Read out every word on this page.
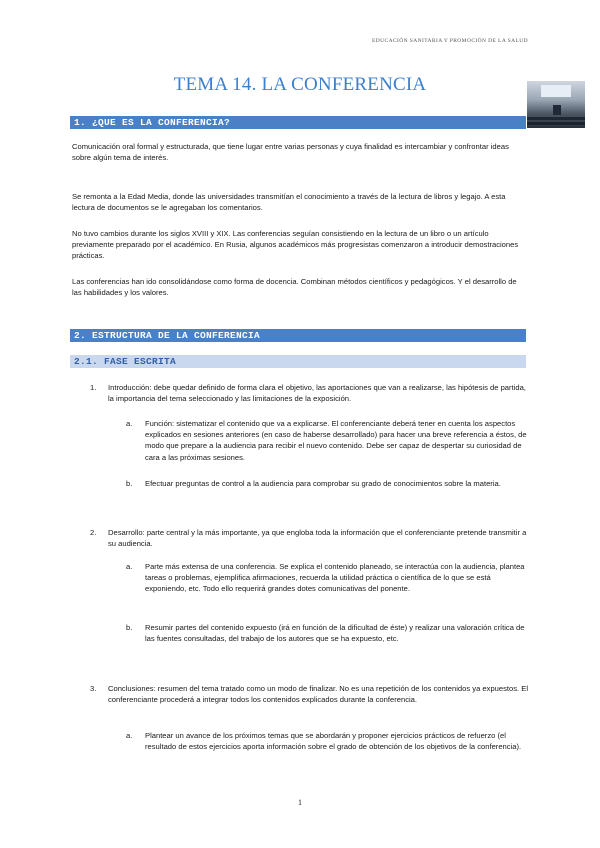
EDUCACIÓN SANITARIA Y PROMOCIÓN DE LA SALUD
TEMA 14. LA CONFERENCIA
1. ¿QUE ES LA CONFERENCIA?
Comunicación oral formal y estructurada, que tiene lugar entre varias personas y cuya finalidad es intercambiar y confrontar ideas sobre algún tema de interés.
Se remonta a la Edad Media, donde las universidades transmitían el conocimiento a través de la lectura de libros y legajo. A esta lectura de documentos se le agregaban los comentarios.
No tuvo cambios durante los siglos XVIII y XIX. Las conferencias seguían consistiendo en la lectura de un libro o un artículo previamente preparado por el académico. En Rusia, algunos académicos más progresistas comenzaron a introducir demostraciones prácticas.
Las conferencias han ido consolidándose como forma de docencia. Combinan métodos científicos y pedagógicos. Y el desarrollo de las habilidades y los valores.
2. ESTRUCTURA DE LA CONFERENCIA
2.1. FASE ESCRITA
1. Introducción: debe quedar definido de forma clara el objetivo, las aportaciones que van a realizarse, las hipótesis de partida, la importancia del tema seleccionado y las limitaciones de la exposición.
a. Función: sistematizar el contenido que va a explicarse. El conferenciante deberá tener en cuenta los aspectos explicados en sesiones anteriores (en caso de haberse desarrollado) para hacer una breve referencia a éstos, de modo que prepare a la audiencia para recibir el nuevo contenido. Debe ser capaz de despertar su curiosidad de cara a las próximas sesiones.
b. Efectuar preguntas de control a la audiencia para comprobar su grado de conocimientos sobre la materia.
2. Desarrollo: parte central y la más importante, ya que engloba toda la información que el conferenciante pretende transmitir a su audiencia.
a. Parte más extensa de una conferencia. Se explica el contenido planeado, se interactúa con la audiencia, plantea tareas o problemas, ejemplifica afirmaciones, recuerda la utilidad práctica o científica de lo que se está exponiendo, etc. Todo ello requerirá grandes dotes comunicativas del ponente.
b. Resumir partes del contenido expuesto (irá en función de la dificultad de éste) y realizar una valoración crítica de las fuentes consultadas, del trabajo de los autores que se ha expuesto, etc.
3. Conclusiones: resumen del tema tratado como un modo de finalizar. No es una repetición de los contenidos ya expuestos. El conferenciante procederá a integrar todos los contenidos explicados durante la conferencia.
a. Plantear un avance de los próximos temas que se abordarán y proponer ejercicios prácticos de refuerzo (el resultado de estos ejercicios aporta información sobre el grado de obtención de los objetivos de la conferencia).
1
